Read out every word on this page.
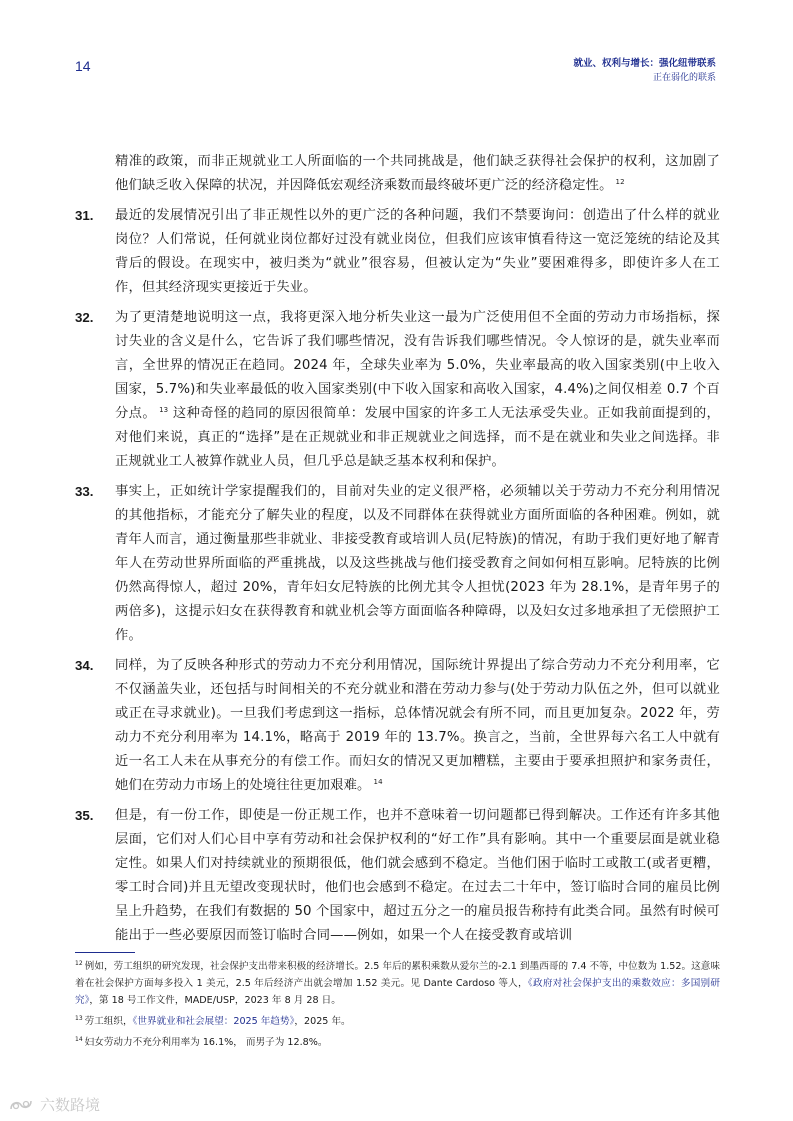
14	就业、权利与增长：强化纽带联系
正在弱化的联系
精准的政策，而非正规就业工人所面临的一个共同挑战是，他们缺乏获得社会保护的权利，这加剧了他们缺乏收入保障的状况，并因降低宏观经济乘数而最终破坏更广泛的经济稳定性。 $^{12}$
31.	最近的发展情况引出了非正规性以外的更广泛的各种问题，我们不禁要询问：创造出了什么样的就业岗位？人们常说，任何就业岗位都好过没有就业岗位，但我们应该审慎看待这一宽泛笼统的结论及其背后的假设。在现实中，被归类为“就业”很容易，但被认定为“失业”要困难得多，即使许多人在工作，但其经济现实更接近于失业。
32.	为了更清楚地说明这一点，我将更深入地分析失业这一最为广泛使用但不全面的劳动力市场指标，探讨失业的含义是什么，它告诉了我们哪些情况，没有告诉我们哪些情况。令人惊讶的是，就失业率而言，全世界的情况正在趋同。2024 年，全球失业率为 5.0%，失业率最高的收入国家类别(中上收入国家，5.7%)和失业率最低的收入国家类别(中下收入国家和高收入国家，4.4%)之间仅相差 0.7 个百分点。 $^{13}$ 这种奇怪的趋同的原因很简单：发展中国家的许多工人无法承受失业。正如我前面提到的，对他们来说，真正的“选择”是在正规就业和非正规就业之间选择，而不是在就业和失业之间选择。非正规就业工人被算作就业人员，但几乎总是缺乏基本权利和保护。
33.	事实上，正如统计学家提醒我们的，目前对失业的定义很严格，必须辅以关于劳动力不充分利用情况的其他指标，才能充分了解失业的程度，以及不同群体在获得就业方面所面临的各种困难。例如，就青年人而言，通过衡量那些非就业、非接受教育或培训人员(尼特族)的情况，有助于我们更好地了解青年人在劳动世界所面临的严重挑战，以及这些挑战与他们接受教育之间如何相互影响。尼特族的比例仍然高得惊人，超过 20%，青年妇女尼特族的比例尤其令人担忧(2023 年为 28.1%，是青年男子的两倍多)，这提示妇女在获得教育和就业机会等方面面临各种障碍，以及妇女过多地承担了无偿照护工作。
34.	同样，为了反映各种形式的劳动力不充分利用情况，国际统计界提出了综合劳动力不充分利用率，它不仅涵盖失业，还包括与时间相关的不充分就业和潜在劳动力参与(处于劳动力队伍之外，但可以就业或正在寻求就业)。一旦我们考虑到这一指标，总体情况就会有所不同，而且更加复杂。2022 年，劳动力不充分利用率为 14.1%，略高于 2019 年的 13.7%。换言之，当前，全世界每六名工人中就有近一名工人未在从事充分的有偿工作。而妇女的情况又更加糟糕，主要由于要承担照护和家务责任，她们在劳动力市场上的处境往往更加艰难。 $^{14}$
35.	但是，有一份工作，即使是一份正规工作，也并不意味着一切问题都已得到解决。工作还有许多其他层面，它们对人们心目中享有劳动和社会保护权利的“好工作”具有影响。其中一个重要层面是就业稳定性。如果人们对持续就业的预期很低，他们就会感到不稳定。当他们困于临时工或散工(或者更糟，零工时合同)并且无望改变现状时，他们也会感到不稳定。在过去二十年中，签订临时合同的雇员比例呈上升趋势，在我们有数据的 50 个国家中，超过五分之一的雇员报告称持有此类合同。虽然有时候可能出于一些必要原因而签订临时合同——例如，如果一个人在接受教育或培训
$^{12}$ 例如，劳工组织的研究发现，社会保护支出带来积极的经济增长。2.5 年后的累积乘数从爱尔兰的-2.1 到墨西哥的 7.4 不等，中位数为 1.52。这意味着在社会保护方面每多投入 1 美元，2.5 年后经济产出就会增加 1.52 美元。见 Dante Cardoso 等人，《政府对社会保护支出的乘数效应：多国别研究》，第 18 号工作文件，MADE/USP，2023 年 8 月 28 日。
$^{13}$ 劳工组织，《世界就业和社会展望：2025 年趋势》，2025 年。
$^{14}$ 妇女劳动力不充分利用率为 16.1%， 而男子为 12.8%。
六数路境
